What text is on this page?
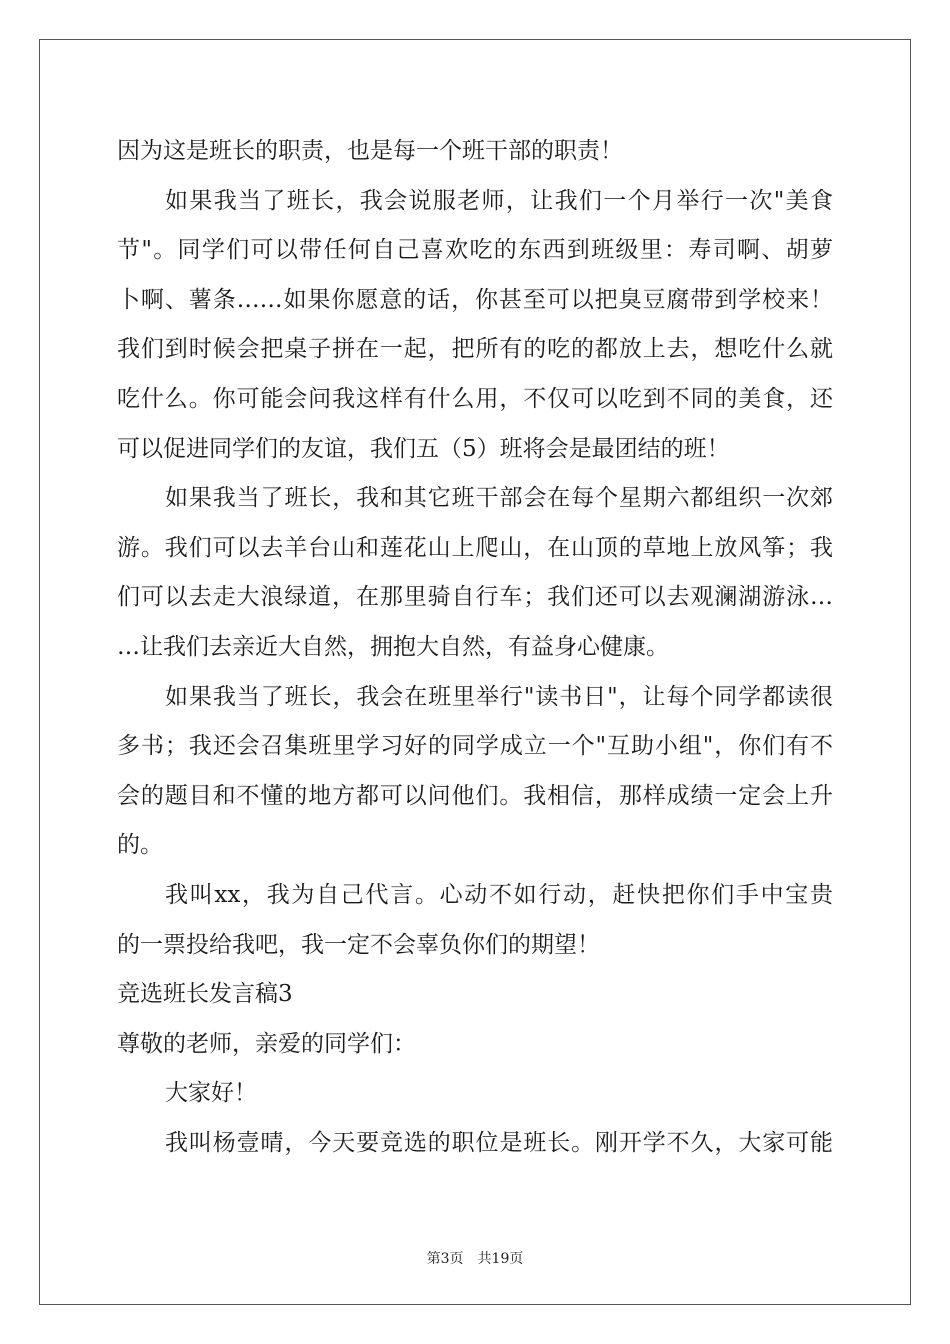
因为这是班长的职责，也是每一个班干部的职责！
如果我当了班长，我会说服老师，让我们一个月举行一次"美食
节"。同学们可以带任何自己喜欢吃的东西到班级里：寿司啊、胡萝
卜啊、薯条……如果你愿意的话，你甚至可以把臭豆腐带到学校来！
我们到时候会把桌子拼在一起，把所有的吃的都放上去，想吃什么就
吃什么。你可能会问我这样有什么用，不仅可以吃到不同的美食，还
可以促进同学们的友谊，我们五（5）班将会是最团结的班！
如果我当了班长，我和其它班干部会在每个星期六都组织一次郊
游。我们可以去羊台山和莲花山上爬山，在山顶的草地上放风筝；我
们可以去走大浪绿道，在那里骑自行车；我们还可以去观澜湖游泳…
…让我们去亲近大自然，拥抱大自然，有益身心健康。
如果我当了班长，我会在班里举行"读书日"，让每个同学都读很
多书；我还会召集班里学习好的同学成立一个"互助小组"，你们有不
会的题目和不懂的地方都可以问他们。我相信，那样成绩一定会上升
的。
我叫xx，我为自己代言。心动不如行动，赶快把你们手中宝贵
的一票投给我吧，我一定不会辜负你们的期望！
竞选班长发言稿3
尊敬的老师，亲爱的同学们：
大家好！
我叫杨壹晴，今天要竞选的职位是班长。刚开学不久，大家可能
第3页　共19页
